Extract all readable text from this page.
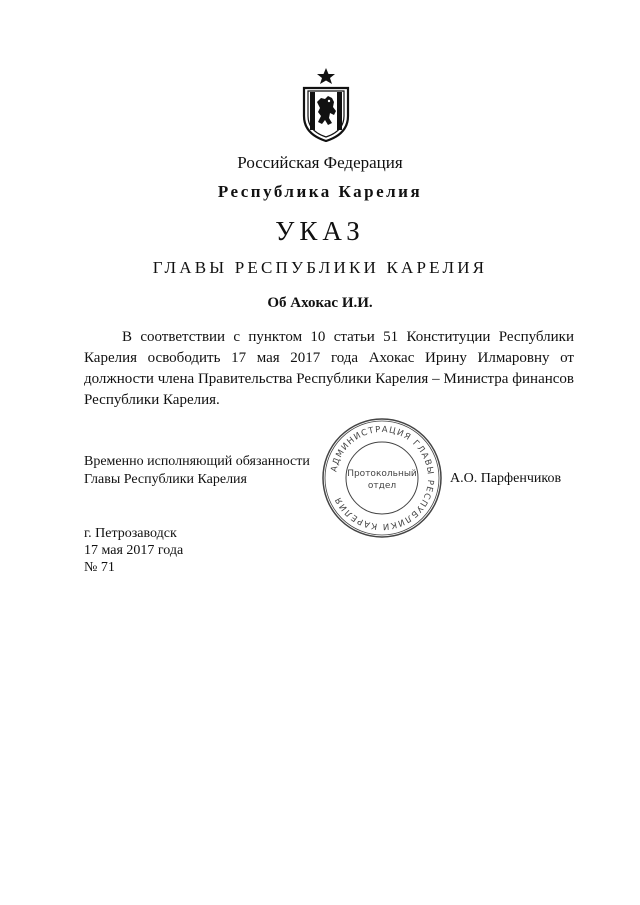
Российская Федерация
Республика Карелия
УКАЗ
ГЛАВЫ РЕСПУБЛИКИ КАРЕЛИЯ
Об Ахокас И.И.

В соответствии с пунктом 10 статьи 51 Конституции Республики Карелия освободить 17 мая 2017 года Ахокас Ирину Илмаровну от должности члена Правительства Республики Карелия – Министра финансов Республики Карелия.

Временно исполняющий обязанности
Главы Республики Карелия
АДМИНИСТРАЦИЯ ГЛАВЫ РЕСПУБЛИКИ КАРЕЛИЯ
Протокольный
отдел	А.О. Парфенчиков
г. Петрозаводск
17 мая 2017 года
№ 71
